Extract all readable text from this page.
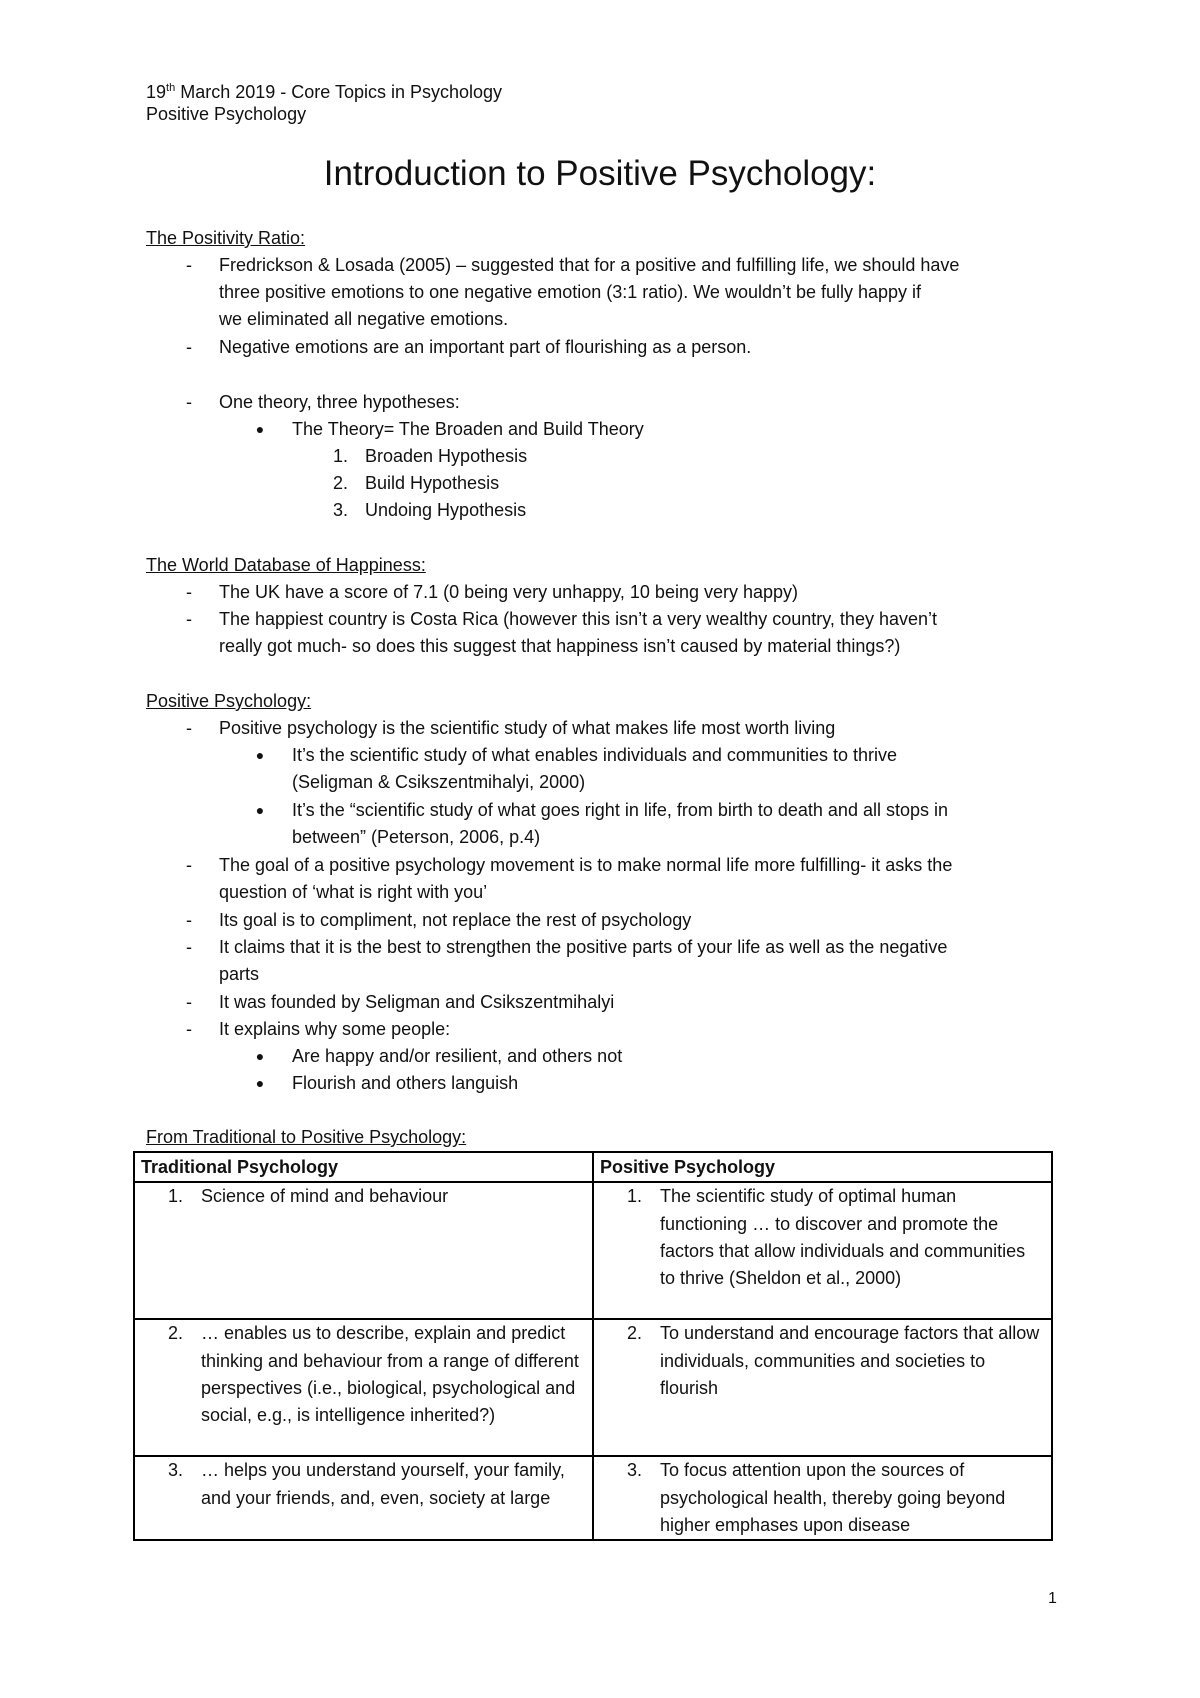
19th March 2019 - Core Topics in Psychology
Positive Psychology
Introduction to Positive Psychology:
The Positivity Ratio:
-	Fredrickson & Losada (2005) – suggested that for a positive and fulfilling life, we should have
three positive emotions to one negative emotion (3:1 ratio). We wouldn’t be fully happy if
we eliminated all negative emotions.
-	Negative emotions are an important part of flourishing as a person.
-	One theory, three hypotheses:
●	The Theory= The Broaden and Build Theory
1. Broaden Hypothesis
2. Build Hypothesis
3. Undoing Hypothesis
The World Database of Happiness:
-	The UK have a score of 7.1 (0 being very unhappy, 10 being very happy)
-	The happiest country is Costa Rica (however this isn’t a very wealthy country, they haven’t
really got much- so does this suggest that happiness isn’t caused by material things?)
Positive Psychology:
-	Positive psychology is the scientific study of what makes life most worth living
●	It’s the scientific study of what enables individuals and communities to thrive
(Seligman & Csikszentmihalyi, 2000)
●	It’s the “scientific study of what goes right in life, from birth to death and all stops in
between” (Peterson, 2006, p.4)
-	The goal of a positive psychology movement is to make normal life more fulfilling- it asks the
question of ‘what is right with you’
-	Its goal is to compliment, not replace the rest of psychology
-	It claims that it is the best to strengthen the positive parts of your life as well as the negative
parts
-	It was founded by Seligman and Csikszentmihalyi
-	It explains why some people:
●	Are happy and/or resilient, and others not
●	Flourish and others languish
From Traditional to Positive Psychology:
Traditional Psychology	Positive Psychology

1. Science of mind and behaviour	1. The scientific study of optimal human functioning … to discover and promote the factors that allow individuals and communities to thrive (Sheldon et al., 2000)

2. … enables us to describe, explain and predict thinking and behaviour from a range of different perspectives (i.e., biological, psychological and social, e.g., is intelligence inherited?)	2. To understand and encourage factors that allow individuals, communities and societies to flourish

3. … helps you understand yourself, your family, and your friends, and, even, society at large	3. To focus attention upon the sources of psychological health, thereby going beyond higher emphases upon disease
1
